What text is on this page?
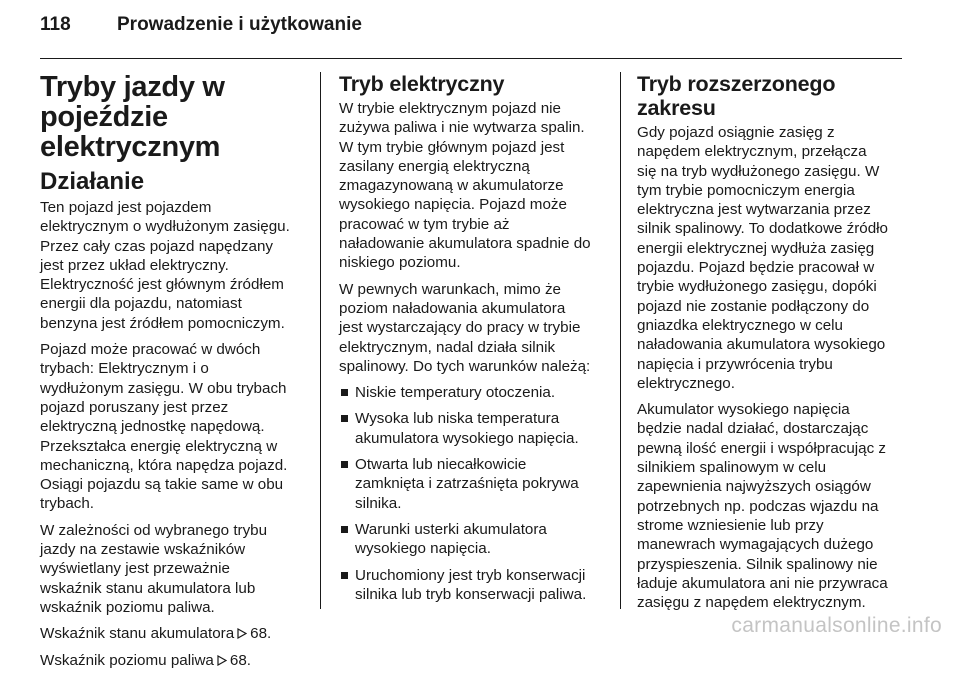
118 Prowadzenie i użytkowanie
Tryby jazdy w pojeździe
elektrycznym
Działanie

Ten pojazd jest pojazdem
elektrycznym o wydłużonym zasięgu.
Przez cały czas pojazd napędzany
jest przez układ elektryczny.
Elektryczność jest głównym źródłem
energii dla pojazdu, natomiast
benzyna jest źródłem pomocniczym.

Pojazd może pracować w dwóch
trybach: Elektrycznym i o
wydłużonym zasięgu. W obu trybach
pojazd poruszany jest przez
elektryczną jednostkę napędową.
Przekształca energię elektryczną w
mechaniczną, która napędza pojazd.
Osiągi pojazdu są takie same w obu
trybach.

W zależności od wybranego trybu
jazdy na zestawie wskaźników
wyświetlany jest przeważnie
wskaźnik stanu akumulatora lub
wskaźnik poziomu paliwa.

Wskaźnik stanu akumulatora 68.

Wskaźnik poziomu paliwa 68.

Tryb elektryczny

W trybie elektrycznym pojazd nie
zużywa paliwa i nie wytwarza spalin.
W tym trybie głównym pojazd jest
zasilany energią elektryczną
zmagazynowaną w akumulatorze
wysokiego napięcia. Pojazd może
pracować w tym trybie aż
naładowanie akumulatora spadnie do
niskiego poziomu.

W pewnych warunkach, mimo że
poziom naładowania akumulatora
jest wystarczający do pracy w trybie
elektrycznym, nadal działa silnik
spalinowy. Do tych warunków należą:

Niskie temperatury otoczenia.
Wysoka lub niska temperatura
akumulatora wysokiego napięcia.
Otwarta lub niecałkowicie
zamknięta i zatrzaśnięta pokrywa
silnika.
Warunki usterki akumulatora
wysokiego napięcia.
Uruchomiony jest tryb konserwacji
silnika lub tryb konserwacji paliwa.
Tryb rozszerzonego
zakresu

Gdy pojazd osiągnie zasięg z
napędem elektrycznym, przełącza
się na tryb wydłużonego zasięgu. W
tym trybie pomocniczym energia
elektryczna jest wytwarzania przez
silnik spalinowy. To dodatkowe źródło
energii elektrycznej wydłuża zasięg
pojazdu. Pojazd będzie pracował w
trybie wydłużonego zasięgu, dopóki
pojazd nie zostanie podłączony do
gniazdka elektrycznego w celu
naładowania akumulatora wysokiego
napięcia i przywrócenia trybu
elektrycznego.

Akumulator wysokiego napięcia
będzie nadal działać, dostarczając
pewną ilość energii i współpracując z
silnikiem spalinowym w celu
zapewnienia najwyższych osiągów
potrzebnych np. podczas wjazdu na
strome wzniesienie lub przy
manewrach wymagających dużego
przyspieszenia. Silnik spalinowy nie
ładuje akumulatora ani nie przywraca
zasięgu z napędem elektrycznym.

carmanualsonline.info
